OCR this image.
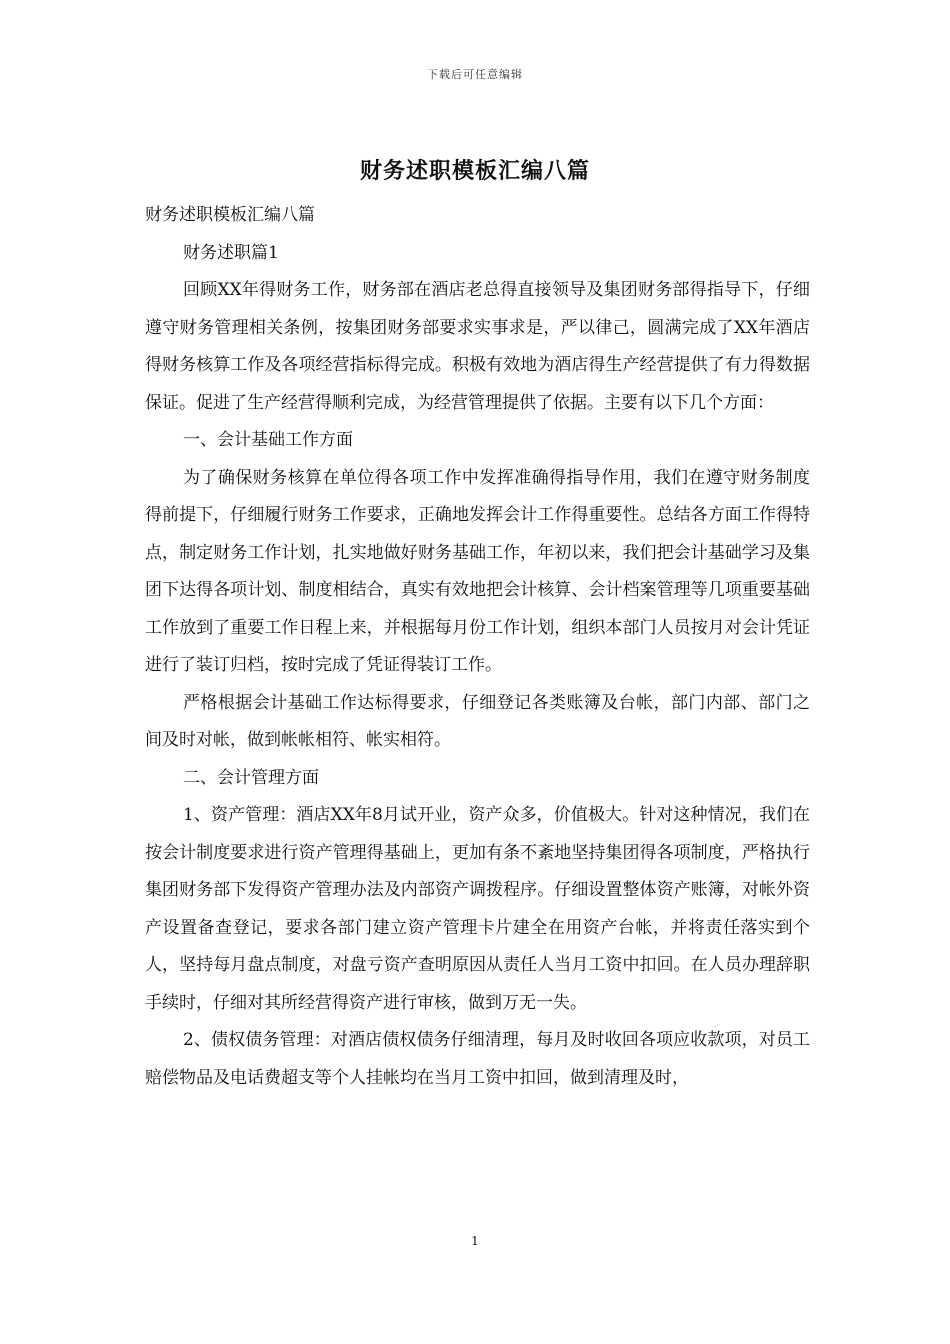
下载后可任意编辑
财务述职模板汇编八篇

财务述职模板汇编八篇

财务述职篇1

回顾XX年得财务工作，财务部在酒店老总得直接领导及集团财务部得指导下，仔细遵守财务管理相关条例，按集团财务部要求实事求是，严以律己，圆满完成了XX年酒店得财务核算工作及各项经营指标得完成。积极有效地为酒店得生产经营提供了有力得数据保证。促进了生产经营得顺利完成，为经营管理提供了依据。主要有以下几个方面：

一、会计基础工作方面

为了确保财务核算在单位得各项工作中发挥准确得指导作用，我们在遵守财务制度得前提下，仔细履行财务工作要求，正确地发挥会计工作得重要性。总结各方面工作得特点，制定财务工作计划，扎实地做好财务基础工作，年初以来，我们把会计基础学习及集团下达得各项计划、制度相结合，真实有效地把会计核算、会计档案管理等几项重要基础工作放到了重要工作日程上来，并根据每月份工作计划，组织本部门人员按月对会计凭证进行了装订归档，按时完成了凭证得装订工作。

严格根据会计基础工作达标得要求，仔细登记各类账簿及台帐，部门内部、部门之间及时对帐，做到帐帐相符、帐实相符。

二、会计管理方面

1、资产管理：酒店XX年8月试开业，资产众多，价值极大。针对这种情况，我们在按会计制度要求进行资产管理得基础上，更加有条不紊地坚持集团得各项制度，严格执行集团财务部下发得资产管理办法及内部资产调拨程序。仔细设置整体资产账簿，对帐外资产设置备查登记，要求各部门建立资产管理卡片建全在用资产台帐，并将责任落实到个人，坚持每月盘点制度，对盘亏资产查明原因从责任人当月工资中扣回。在人员办理辞职手续时，仔细对其所经营得资产进行审核，做到万无一失。

2、债权债务管理：对酒店债权债务仔细清理，每月及时收回各项应收款项，对员工赔偿物品及电话费超支等个人挂帐均在当月工资中扣回，做到清理及时，

1
